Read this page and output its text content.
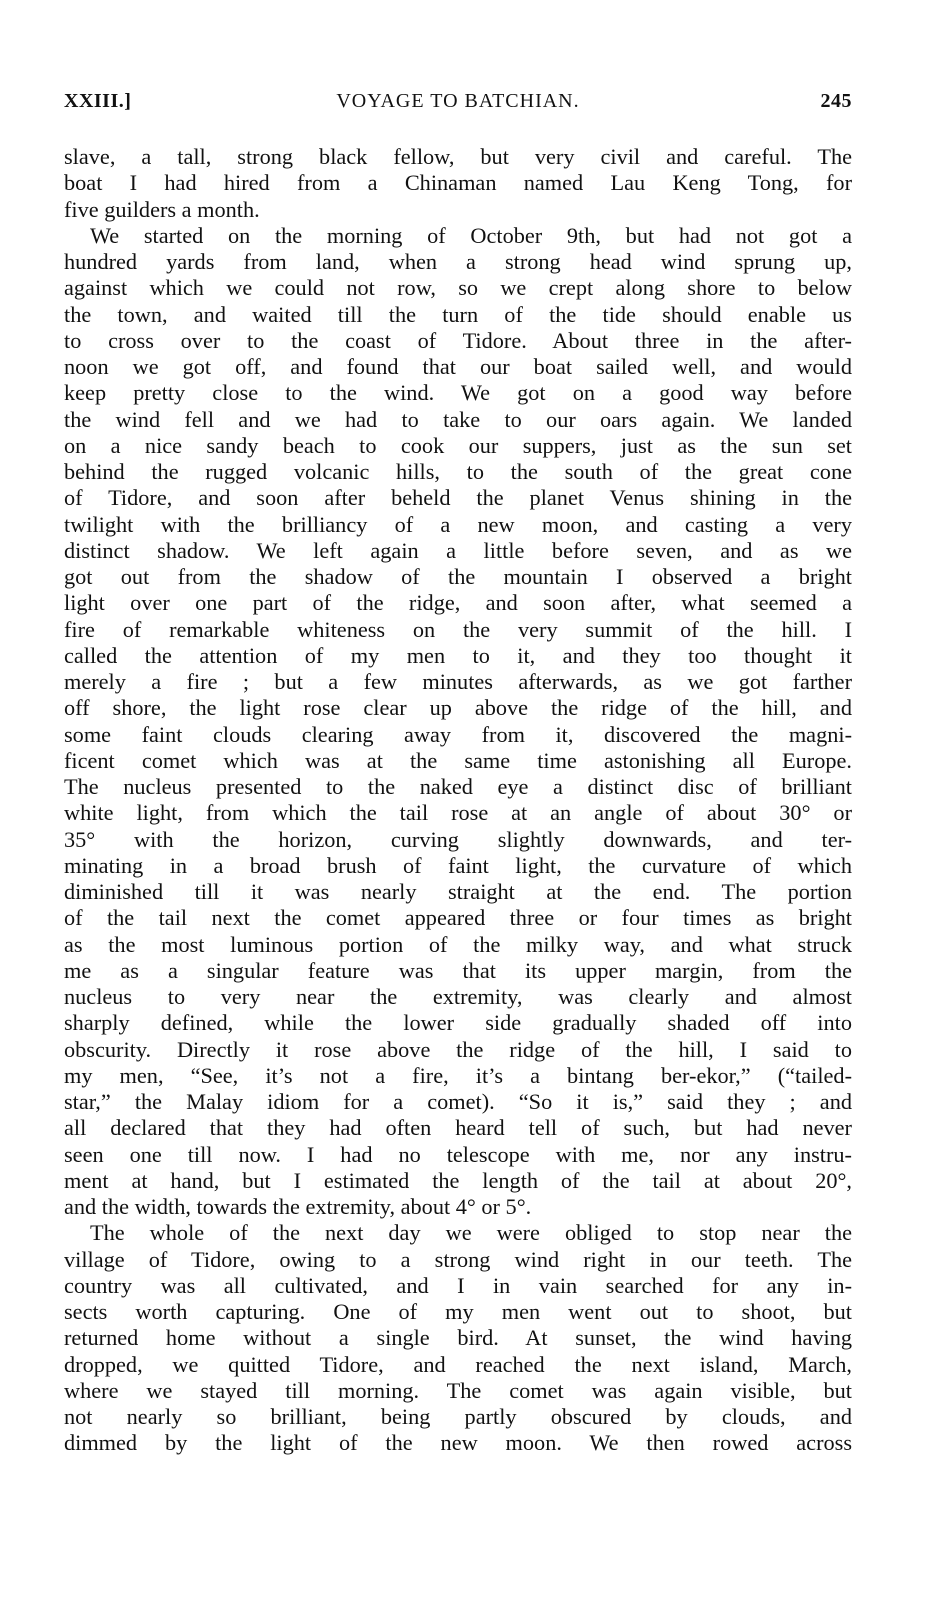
XXIII.]	VOYAGE TO BATCHIAN.	245
slave, a tall, strong black fellow, but very civil and careful. The
boat I had hired from a Chinaman named Lau Keng Tong, for
five guilders a month.
We started on the morning of October 9th, but had not got a
hundred yards from land, when a strong head wind sprung up,
against which we could not row, so we crept along shore to below
the town, and waited till the turn of the tide should enable us
to cross over to the coast of Tidore. About three in the after-
noon we got off, and found that our boat sailed well, and would
keep pretty close to the wind. We got on a good way before
the wind fell and we had to take to our oars again. We landed
on a nice sandy beach to cook our suppers, just as the sun set
behind the rugged volcanic hills, to the south of the great cone
of Tidore, and soon after beheld the planet Venus shining in the
twilight with the brilliancy of a new moon, and casting a very
distinct shadow. We left again a little before seven, and as we
got out from the shadow of the mountain I observed a bright
light over one part of the ridge, and soon after, what seemed a
fire of remarkable whiteness on the very summit of the hill. I
called the attention of my men to it, and they too thought it
merely a fire ; but a few minutes afterwards, as we got farther
off shore, the light rose clear up above the ridge of the hill, and
some faint clouds clearing away from it, discovered the magni-
ficent comet which was at the same time astonishing all Europe.
The nucleus presented to the naked eye a distinct disc of brilliant
white light, from which the tail rose at an angle of about 30° or
35° with the horizon, curving slightly downwards, and ter-
minating in a broad brush of faint light, the curvature of which
diminished till it was nearly straight at the end. The portion
of the tail next the comet appeared three or four times as bright
as the most luminous portion of the milky way, and what struck
me as a singular feature was that its upper margin, from the
nucleus to very near the extremity, was clearly and almost
sharply defined, while the lower side gradually shaded off into
obscurity. Directly it rose above the ridge of the hill, I said to
my men, “See, it’s not a fire, it’s a bintang ber-ekor,” (“tailed-
star,” the Malay idiom for a comet). “So it is,” said they ; and
all declared that they had often heard tell of such, but had never
seen one till now. I had no telescope with me, nor any instru-
ment at hand, but I estimated the length of the tail at about 20°,
and the width, towards the extremity, about 4° or 5°.
The whole of the next day we were obliged to stop near the
village of Tidore, owing to a strong wind right in our teeth. The
country was all cultivated, and I in vain searched for any in-
sects worth capturing. One of my men went out to shoot, but
returned home without a single bird. At sunset, the wind having
dropped, we quitted Tidore, and reached the next island, March,
where we stayed till morning. The comet was again visible, but
not nearly so brilliant, being partly obscured by clouds, and
dimmed by the light of the new moon. We then rowed across
